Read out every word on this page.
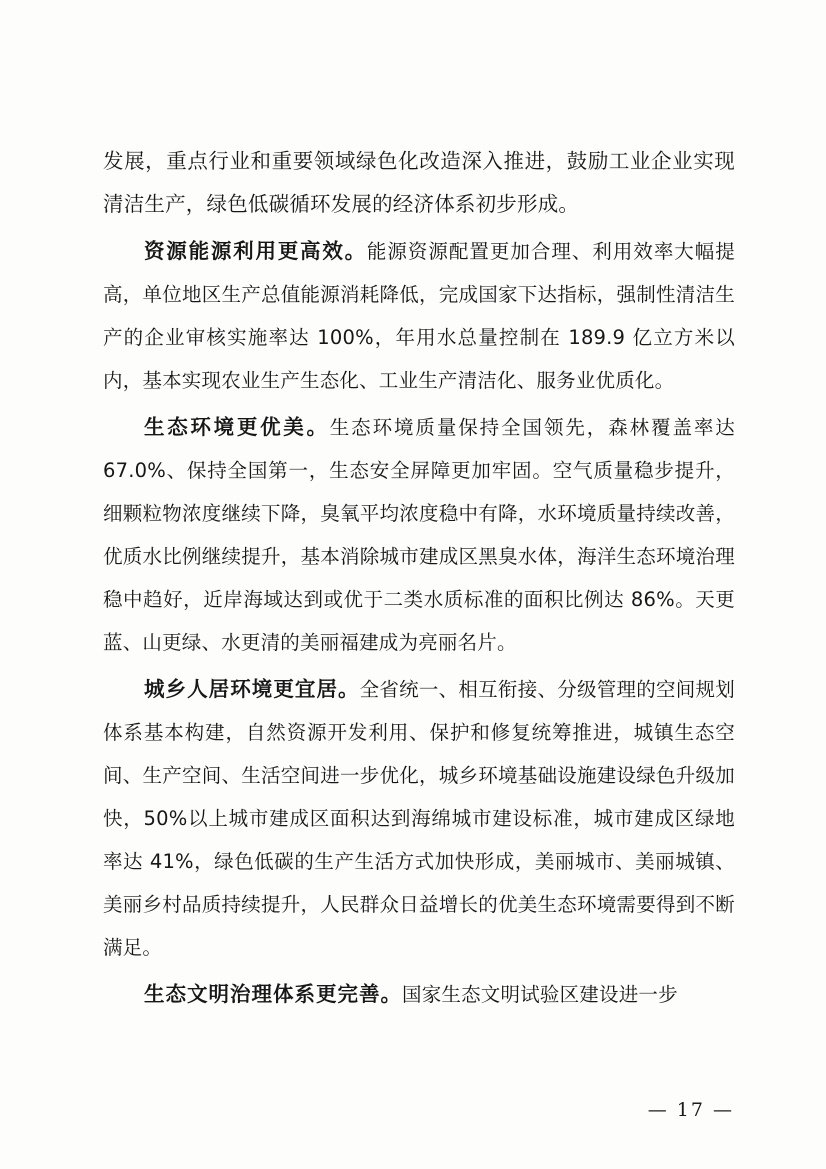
发展，重点行业和重要领域绿色化改造深入推进，鼓励工业企业实现清洁生产，绿色低碳循环发展的经济体系初步形成。

资源能源利用更高效。能源资源配置更加合理、利用效率大幅提高，单位地区生产总值能源消耗降低，完成国家下达指标，强制性清洁生产的企业审核实施率达 100%，年用水总量控制在 189.9 亿立方米以内，基本实现农业生产生态化、工业生产清洁化、服务业优质化。

生态环境更优美。生态环境质量保持全国领先，森林覆盖率达 67.0%、保持全国第一，生态安全屏障更加牢固。空气质量稳步提升，细颗粒物浓度继续下降，臭氧平均浓度稳中有降，水环境质量持续改善，优质水比例继续提升，基本消除城市建成区黑臭水体，海洋生态环境治理稳中趋好，近岸海域达到或优于二类水质标准的面积比例达 86%。天更蓝、山更绿、水更清的美丽福建成为亮丽名片。

城乡人居环境更宜居。全省统一、相互衔接、分级管理的空间规划体系基本构建，自然资源开发利用、保护和修复统筹推进，城镇生态空间、生产空间、生活空间进一步优化，城乡环境基础设施建设绿色升级加快，50%以上城市建成区面积达到海绵城市建设标准，城市建成区绿地率达 41%，绿色低碳的生产生活方式加快形成，美丽城市、美丽城镇、美丽乡村品质持续提升，人民群众日益增长的优美生态环境需要得到不断满足。

生态文明治理体系更完善。国家生态文明试验区建设进一步

— 17 —
